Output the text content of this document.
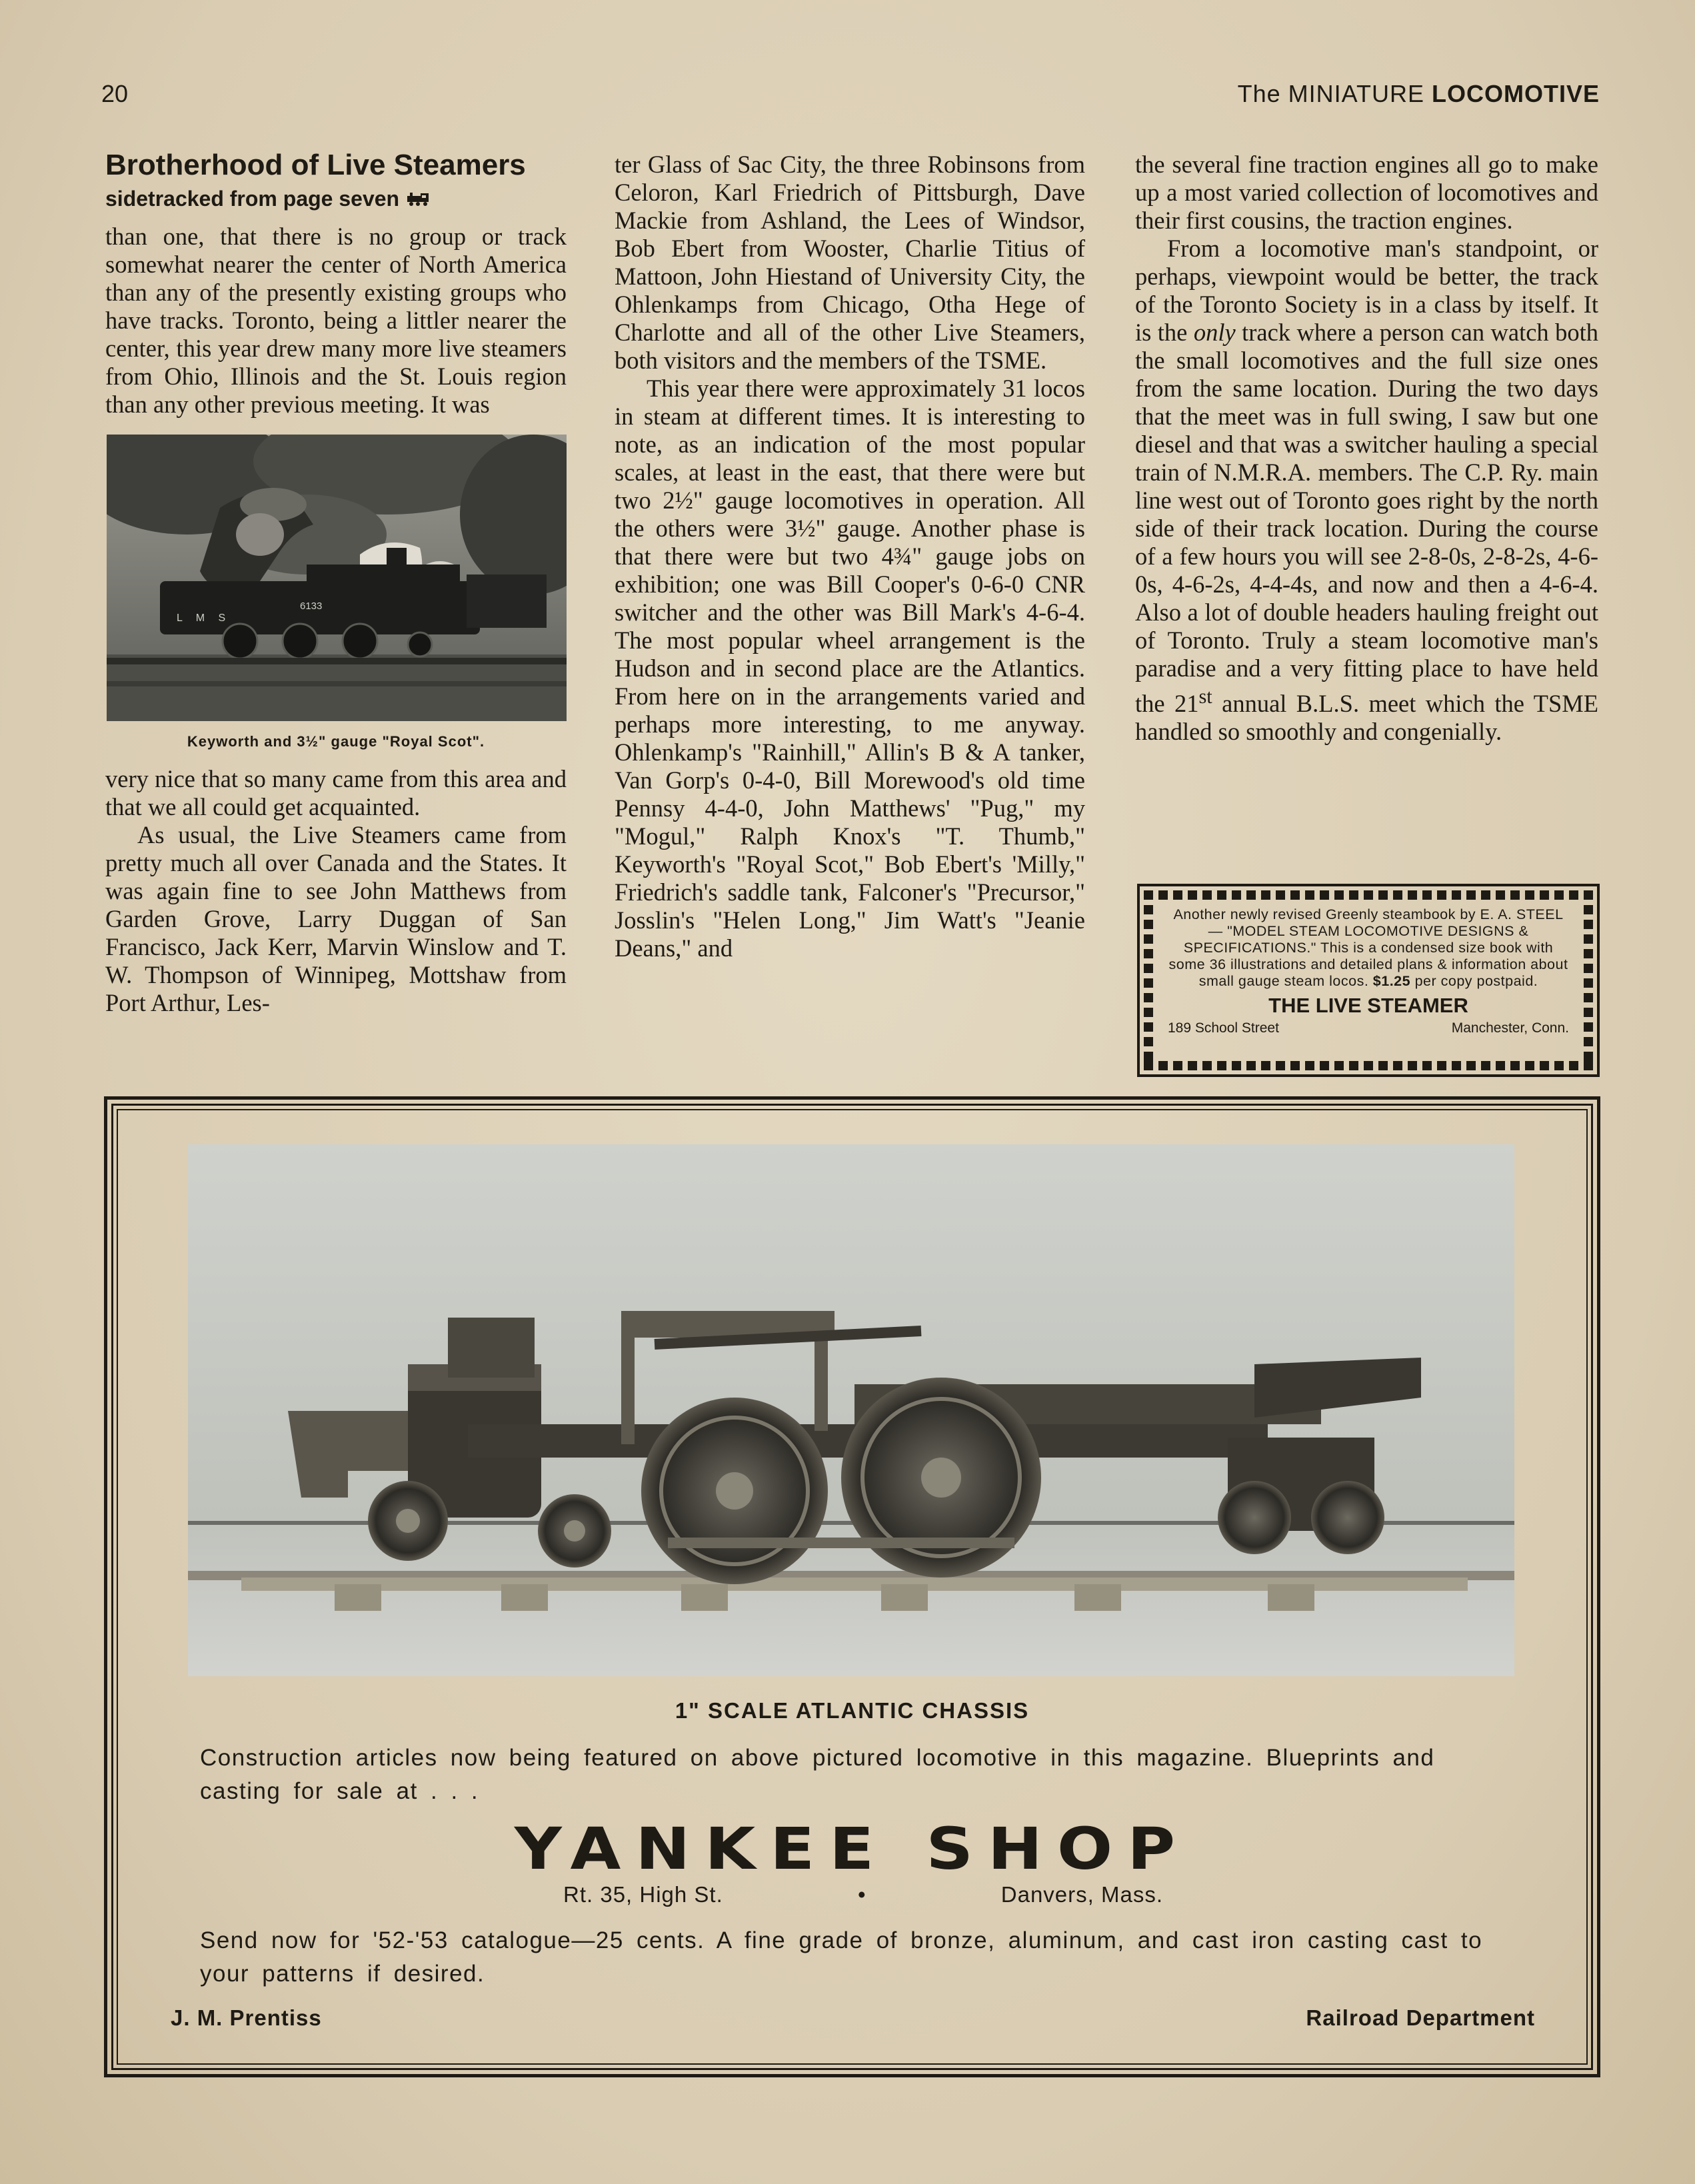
20	The MINIATURE LOCOMOTIVE
Brotherhood of Live Steamers
sidetracked from page seven

than one, that there is no group or track somewhat nearer the center of North America than any of the presently existing groups who have tracks. Toronto, being a littler nearer the center, this year drew many more live steamers from Ohio, Illinois and the St. Louis region than any other previous meeting. It was

L M S
6133
Keyworth and 3½" gauge "Royal Scot".

very nice that so many came from this area and that we all could get acquainted.

As usual, the Live Steamers came from pretty much all over Canada and the States. It was again fine to see John Matthews from Garden Grove, Larry Duggan of San Francisco, Jack Kerr, Marvin Winslow and T. W. Thompson of Winnipeg, Mottshaw from Port Arthur, Les-

ter Glass of Sac City, the three Robinsons from Celoron, Karl Friedrich of Pittsburgh, Dave Mackie from Ashland, the Lees of Windsor, Bob Ebert from Wooster, Charlie Titius of Mattoon, John Hiestand of University City, the Ohlenkamps from Chicago, Otha Hege of Charlotte and all of the other Live Steamers, both visitors and the members of the TSME.

This year there were approximately 31 locos in steam at different times. It is interesting to note, as an indication of the most popular scales, at least in the east, that there were but two 2½" gauge locomotives in operation. All the others were 3½" gauge. Another phase is that there were but two 4¾" gauge jobs on exhibition; one was Bill Cooper's 0-6-0 CNR switcher and the other was Bill Mark's 4-6-4. The most popular wheel arrangement is the Hudson and in second place are the Atlantics. From here on in the arrangements varied and perhaps more interesting, to me anyway. Ohlenkamp's "Rainhill," Allin's B & A tanker, Van Gorp's 0-4-0, Bill Morewood's old time Pennsy 4-4-0, John Matthews' "Pug," my "Mogul," Ralph Knox's "T. Thumb," Keyworth's "Royal Scot," Bob Ebert's 'Milly," Friedrich's saddle tank, Falconer's "Precursor," Josslin's "Helen Long," Jim Watt's "Jeanie Deans," and

the several fine traction engines all go to make up a most varied collection of locomotives and their first cousins, the traction engines.

From a locomotive man's standpoint, or perhaps, viewpoint would be better, the track of the Toronto Society is in a class by itself. It is the only track where a person can watch both the small locomotives and the full size ones from the same location. During the two days that the meet was in full swing, I saw but one diesel and that was a switcher hauling a special train of N.M.R.A. members. The C.P. Ry. main line west out of Toronto goes right by the north side of their track location. During the course of a few hours you will see 2-8-0s, 2-8-2s, 4-6-0s, 4-6-2s, 4-4-4s, and now and then a 4-6-4. Also a lot of double headers hauling freight out of Toronto. Truly a steam locomotive man's paradise and a very fitting place to have held the 21st annual B.L.S. meet which the TSME handled so smoothly and congenially.

Another newly revised Greenly steambook by E. A. STEEL — "MODEL STEAM LOCOMOTIVE DESIGNS & SPECIFICATIONS." This is a condensed size book with some 36 illustrations and detailed plans & information about small gauge steam locos. $1.25 per copy postpaid.
THE LIVE STEAMER
189 School Street	Manchester, Conn.
1" SCALE ATLANTIC CHASSIS
Construction articles now being featured on above pictured locomotive in this magazine. Blueprints and casting for sale at . . .
YANKEE SHOP
Rt. 35, High St.	•	Danvers, Mass.
Send now for '52-'53 catalogue—25 cents. A fine grade of bronze, aluminum, and cast iron casting cast to your patterns if desired.
J. M. Prentiss	Railroad Department
